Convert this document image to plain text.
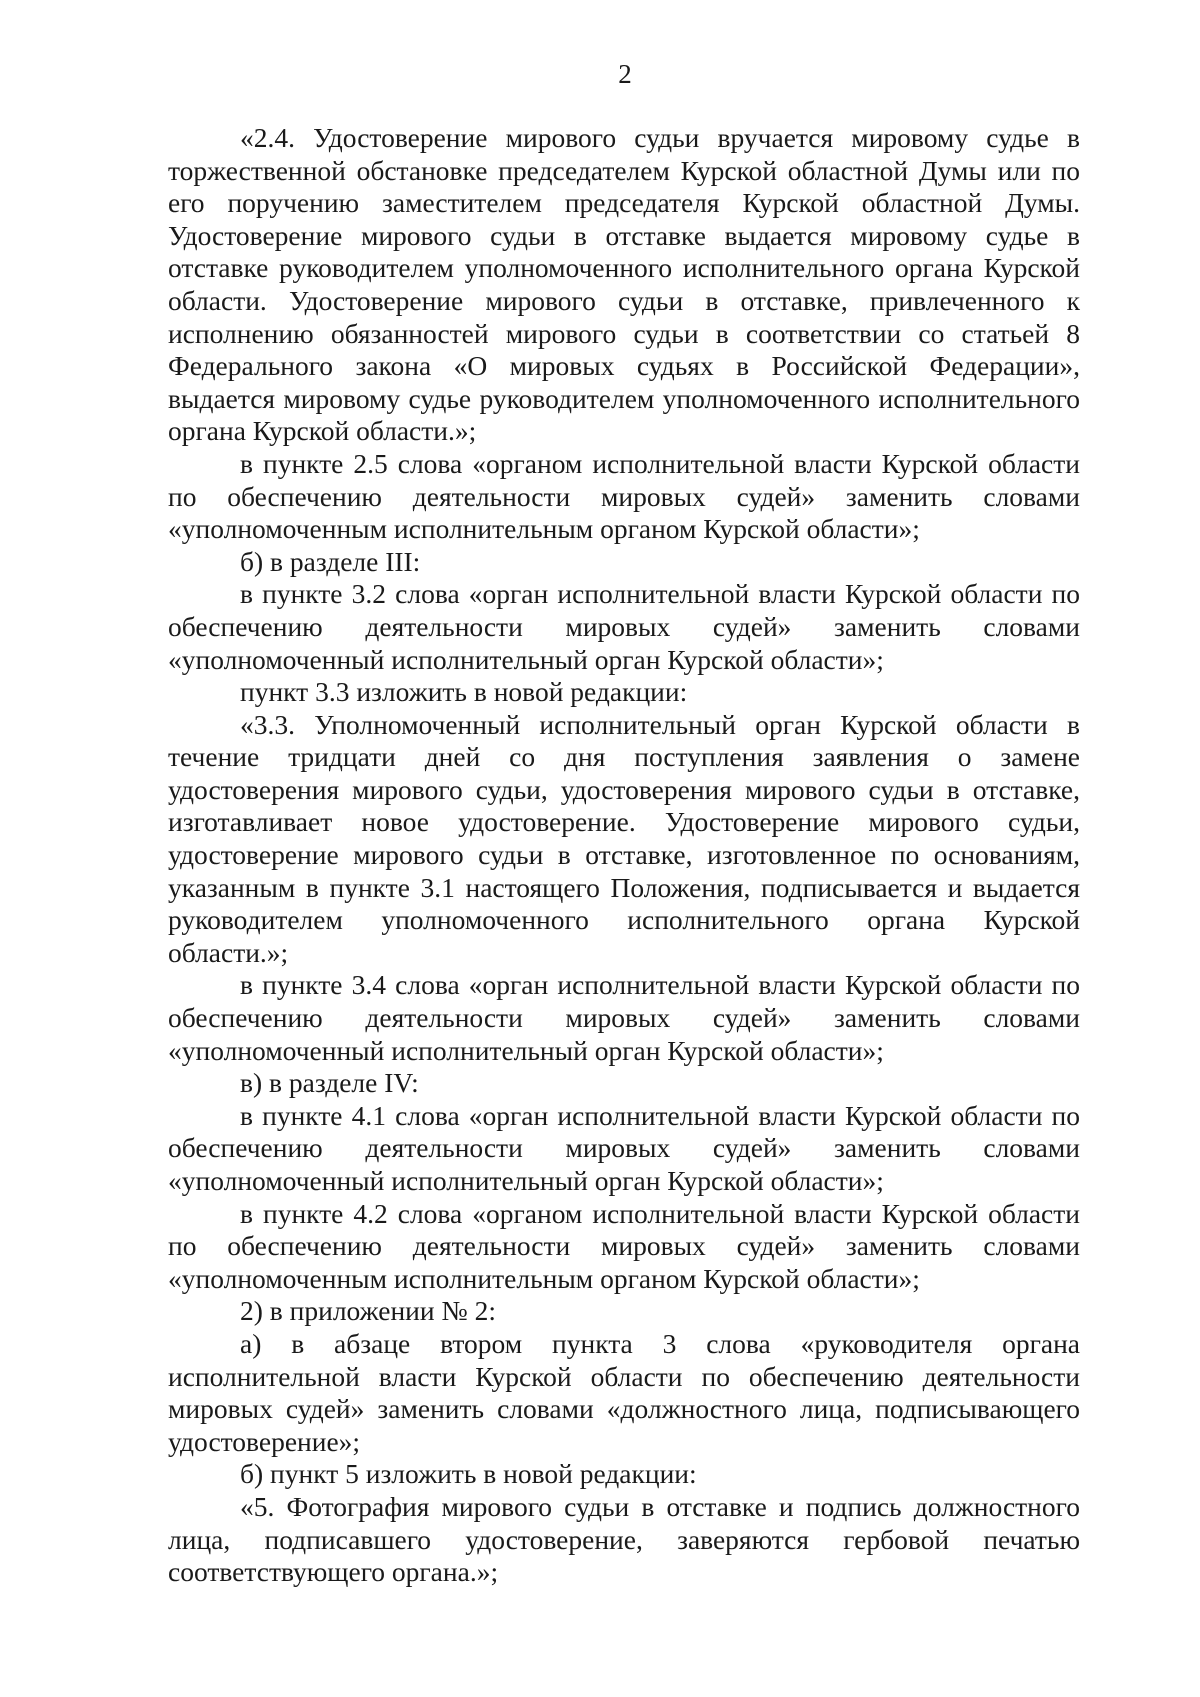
2

«2.4. Удостоверение мирового судьи вручается мировому судье в торжественной обстановке председателем Курской областной Думы или по его поручению заместителем председателя Курской областной Думы. Удостоверение мирового судьи в отставке выдается мировому судье в отставке руководителем уполномоченного исполнительного органа Курской области. Удостоверение мирового судьи в отставке, привлеченного к исполнению обязанностей мирового судьи в соответствии со статьей 8 Федерального закона «О мировых судьях в Российской Федерации», выдается мировому судье руководителем уполномоченного исполнительного органа Курской области.»;

в пункте 2.5 слова «органом исполнительной власти Курской области по обеспечению деятельности мировых судей» заменить словами «уполномоченным исполнительным органом Курской области»;

б) в разделе III:

в пункте 3.2 слова «орган исполнительной власти Курской области по обеспечению деятельности мировых судей» заменить словами «уполномоченный исполнительный орган Курской области»;

пункт 3.3 изложить в новой редакции:

«3.3. Уполномоченный исполнительный орган Курской области в течение тридцати дней со дня поступления заявления о замене удостоверения мирового судьи, удостоверения мирового судьи в отставке, изготавливает новое удостоверение. Удостоверение мирового судьи, удостоверение мирового судьи в отставке, изготовленное по основаниям, указанным в пункте 3.1 настоящего Положения, подписывается и выдается руководителем уполномоченного исполнительного органа Курской области.»;

в пункте 3.4 слова «орган исполнительной власти Курской области по обеспечению деятельности мировых судей» заменить словами «уполномоченный исполнительный орган Курской области»;

в) в разделе IV:

в пункте 4.1 слова «орган исполнительной власти Курской области по обеспечению деятельности мировых судей» заменить словами «уполномоченный исполнительный орган Курской области»;

в пункте 4.2 слова «органом исполнительной власти Курской области по обеспечению деятельности мировых судей» заменить словами «уполномоченным исполнительным органом Курской области»;

2) в приложении № 2:

а) в абзаце втором пункта 3 слова «руководителя органа исполнительной власти Курской области по обеспечению деятельности мировых судей» заменить словами «должностного лица, подписывающего удостоверение»;

б) пункт 5 изложить в новой редакции:

«5. Фотография мирового судьи в отставке и подпись должностного лица, подписавшего удостоверение, заверяются гербовой печатью соответствующего органа.»;
